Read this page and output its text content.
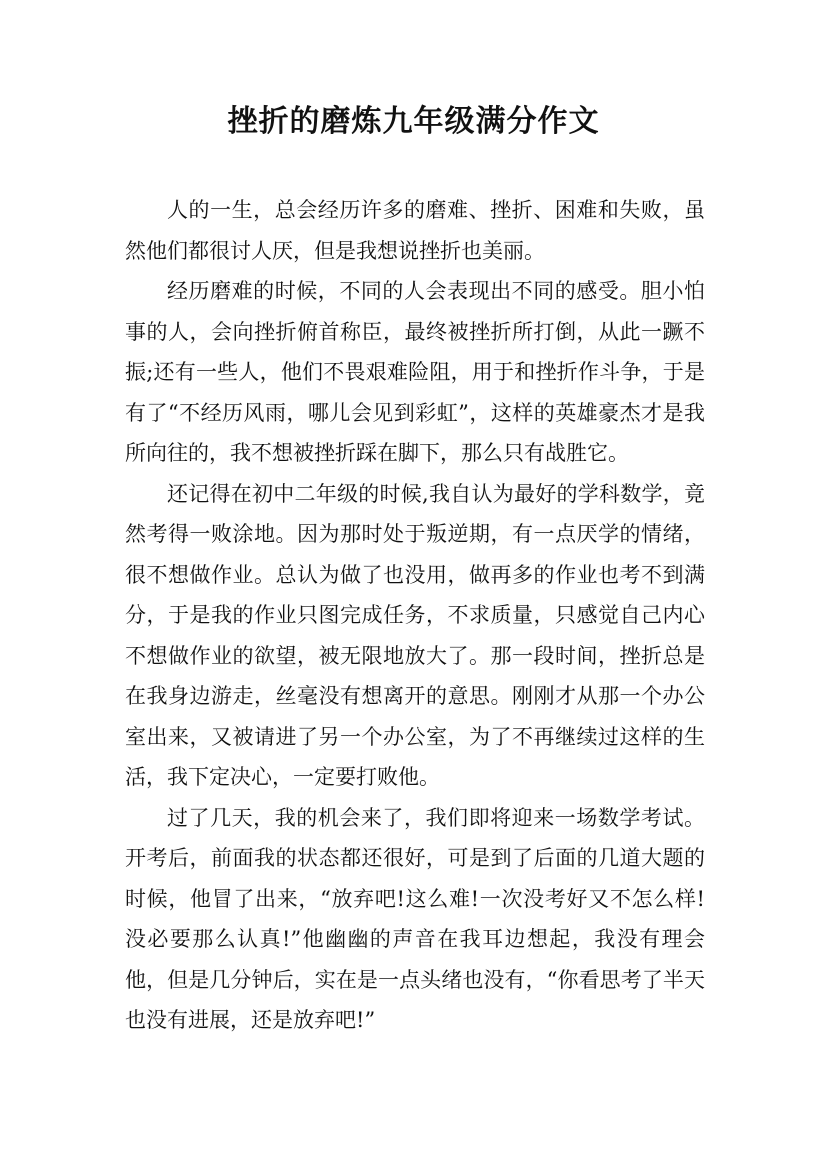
挫折的磨炼九年级满分作文

人的一生，总会经历许多的磨难、挫折、困难和失败，虽然他们都很讨人厌，但是我想说挫折也美丽。

经历磨难的时候，不同的人会表现出不同的感受。胆小怕事的人，会向挫折俯首称臣，最终被挫折所打倒，从此一蹶不振;还有一些人，他们不畏艰难险阻，用于和挫折作斗争，于是有了“不经历风雨，哪儿会见到彩虹”，这样的英雄豪杰才是我所向往的，我不想被挫折踩在脚下，那么只有战胜它。

还记得在初中二年级的时候,我自认为最好的学科数学，竟然考得一败涂地。因为那时处于叛逆期，有一点厌学的情绪，很不想做作业。总认为做了也没用，做再多的作业也考不到满分，于是我的作业只图完成任务，不求质量，只感觉自己内心不想做作业的欲望，被无限地放大了。那一段时间，挫折总是在我身边游走，丝毫没有想离开的意思。刚刚才从那一个办公室出来，又被请进了另一个办公室，为了不再继续过这样的生活，我下定决心，一定要打败他。

过了几天，我的机会来了，我们即将迎来一场数学考试。开考后，前面我的状态都还很好，可是到了后面的几道大题的时候，他冒了出来，“放弃吧!这么难!一次没考好又不怎么样!没必要那么认真!”他幽幽的声音在我耳边想起，我没有理会他，但是几分钟后，实在是一点头绪也没有，“你看思考了半天也没有进展，还是放弃吧!”
